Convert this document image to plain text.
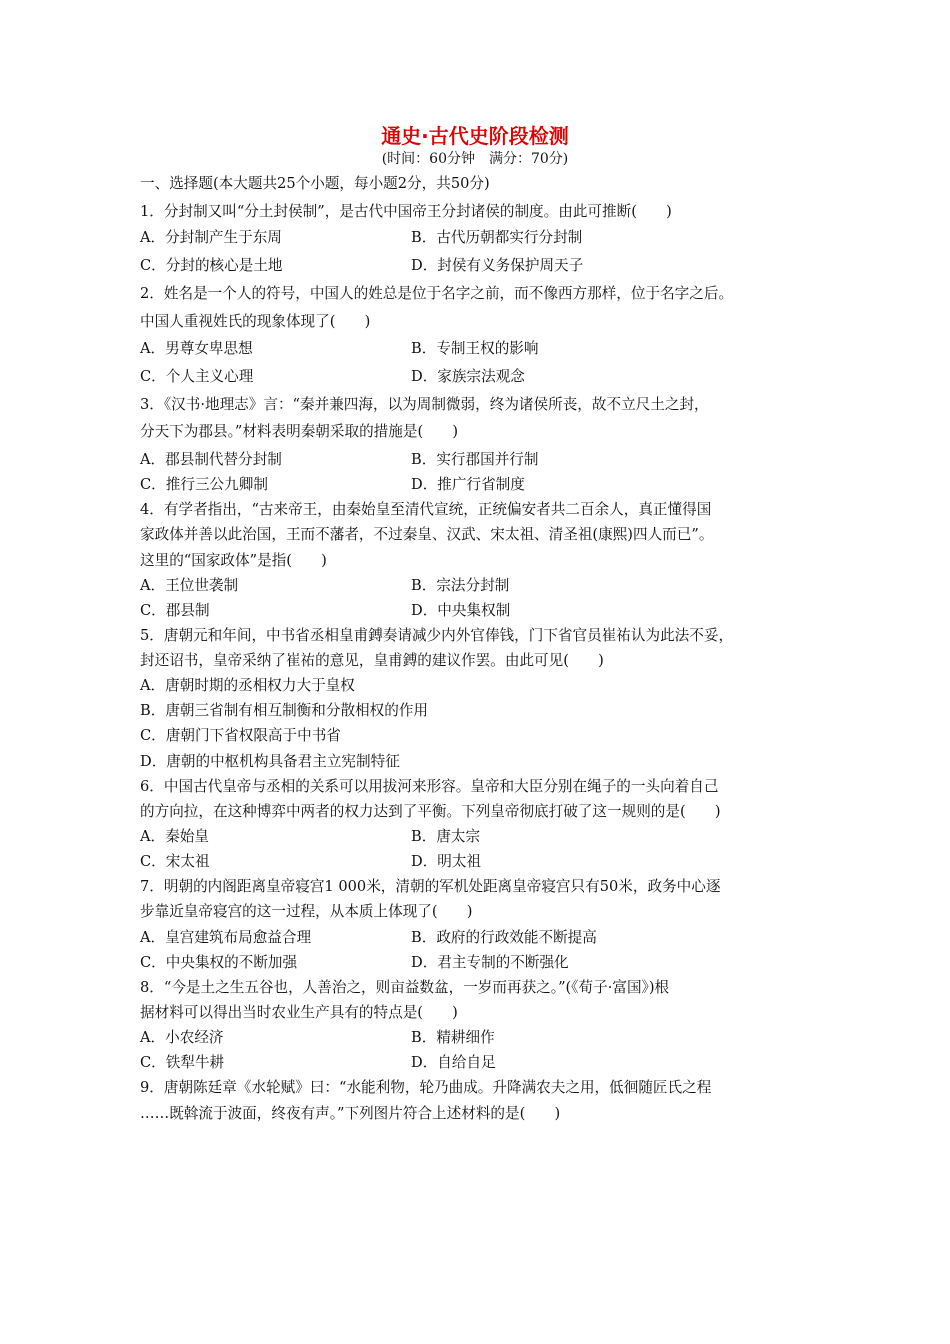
通史·古代史阶段检测
(时间：60分钟　满分：70分)
一、选择题(本大题共25个小题，每小题2分，共50分)
1．分封制又叫“分土封侯制”，是古代中国帝王分封诸侯的制度。由此可推断(　　)
A．分封制产生于东周	B．古代历朝都实行分封制
C．分封的核心是土地	D．封侯有义务保护周天子
2．姓名是一个人的符号，中国人的姓总是位于名字之前，而不像西方那样，位于名字之后。
中国人重视姓氏的现象体现了(　　)
A．男尊女卑思想	B．专制王权的影响
C．个人主义心理	D．家族宗法观念
3．《汉书·地理志》言：“秦并兼四海，以为周制微弱，终为诸侯所丧，故不立尺土之封，
分天下为郡县。”材料表明秦朝采取的措施是(　　)
A．郡县制代替分封制	B．实行郡国并行制
C．推行三公九卿制	D．推广行省制度
4．有学者指出，“古来帝王，由秦始皇至清代宣统，正统偏安者共二百余人，真正懂得国
家政体并善以此治国，王而不藩者，不过秦皇、汉武、宋太祖、清圣祖(康熙)四人而已”。
这里的“国家政体”是指(　　)
A．王位世袭制	B．宗法分封制
C．郡县制	D．中央集权制
5．唐朝元和年间，中书省丞相皇甫鎛奏请减少内外官俸钱，门下省官员崔祐认为此法不妥，
封还诏书，皇帝采纳了崔祐的意见，皇甫鎛的建议作罢。由此可见(　　)
A．唐朝时期的丞相权力大于皇权
B．唐朝三省制有相互制衡和分散相权的作用
C．唐朝门下省权限高于中书省
D．唐朝的中枢机构具备君主立宪制特征
6．中国古代皇帝与丞相的关系可以用拔河来形容。皇帝和大臣分别在绳子的一头向着自己
的方向拉，在这种博弈中两者的权力达到了平衡。下列皇帝彻底打破了这一规则的是(　　)
A．秦始皇	B．唐太宗
C．宋太祖	D．明太祖
7．明朝的内阁距离皇帝寝宫1 000米，清朝的军机处距离皇帝寝宫只有50米，政务中心逐
步靠近皇帝寝宫的这一过程，从本质上体现了(　　)
A．皇宫建筑布局愈益合理	B．政府的行政效能不断提高
C．中央集权的不断加强	D．君主专制的不断强化
8．“今是土之生五谷也，人善治之，则亩益数盆，一岁而再获之。”(《荀子·富国》)根
据材料可以得出当时农业生产具有的特点是(　　)
A．小农经济	B．精耕细作
C．铁犁牛耕	D．自给自足
9．唐朝陈廷章《水轮赋》曰：“水能利物，轮乃曲成。升降满农夫之用，低徊随匠氏之程
……既斡流于波面，终夜有声。”下列图片符合上述材料的是(　　)
